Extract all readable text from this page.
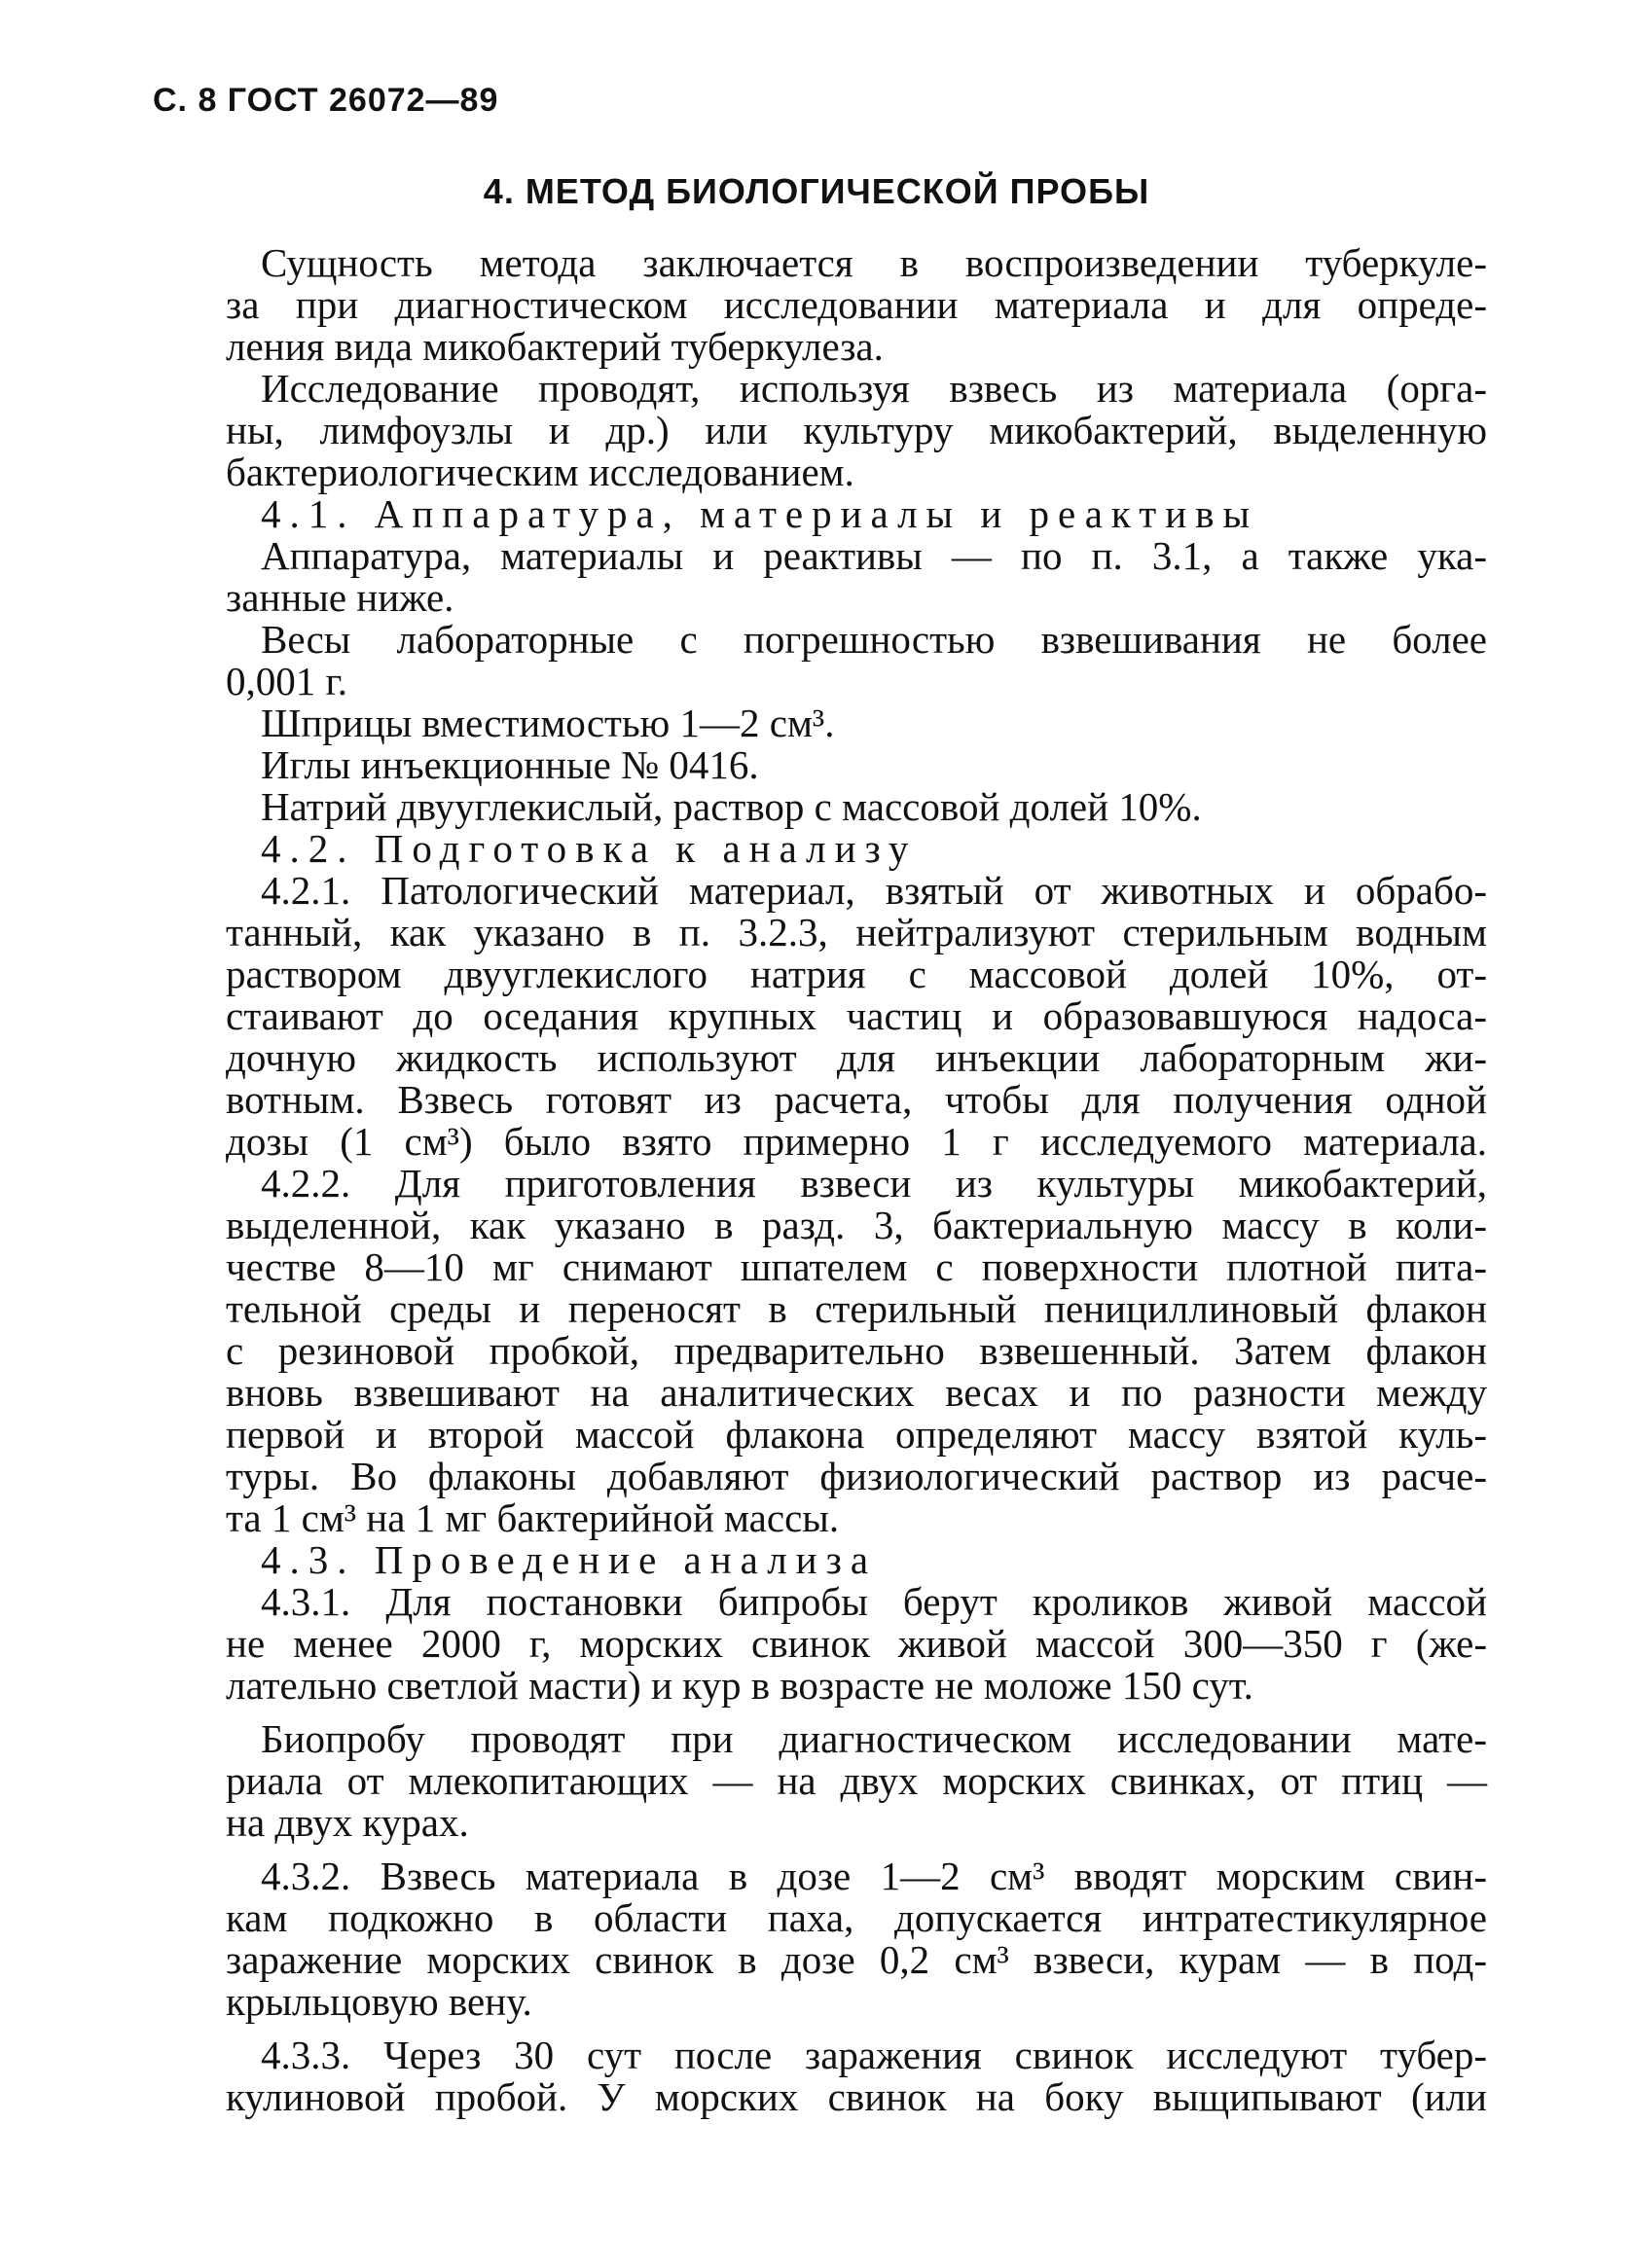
С. 8 ГОСТ 26072—89
4. МЕТОД БИОЛОГИЧЕСКОЙ ПРОБЫ
Сущность метода заключается в воспроизведении туберкуле-
за при диагностическом исследовании материала и для опреде-
ления вида микобактерий туберкулеза.
Исследование проводят, используя взвесь из материала (орга-
ны, лимфоузлы и др.) или культуру микобактерий, выделенную
бактериологическим исследованием.
4.1. Аппаратура, материалы и реактивы
Аппаратура, материалы и реактивы — по п. 3.1, а также ука-
занные ниже.
Весы лабораторные с погрешностью взвешивания не более
0,001 г.
Шприцы вместимостью 1—2 см³.
Иглы инъекционные № 0416.
Натрий двууглекислый, раствор с массовой долей 10%.
4.2. Подготовка к анализу
4.2.1. Патологический материал, взятый от животных и обрабо-
танный, как указано в п. 3.2.3, нейтрализуют стерильным водным
раствором двууглекислого натрия с массовой долей 10%, от-
стаивают до оседания крупных частиц и образовавшуюся надоса-
дочную жидкость используют для инъекции лабораторным жи-
вотным. Взвесь готовят из расчета, чтобы для получения одной
дозы (1 см³) было взято примерно 1 г исследуемого материала.
4.2.2. Для приготовления взвеси из культуры микобактерий,
выделенной, как указано в разд. 3, бактериальную массу в коли-
честве 8—10 мг снимают шпателем с поверхности плотной пита-
тельной среды и переносят в стерильный пенициллиновый флакон
с резиновой пробкой, предварительно взвешенный. Затем флакон
вновь взвешивают на аналитических весах и по разности между
первой и второй массой флакона определяют массу взятой куль-
туры. Во флаконы добавляют физиологический раствор из расче-
та 1 см³ на 1 мг бактерийной массы.
4.3. Проведение анализа
4.3.1. Для постановки бипробы берут кроликов живой массой
не менее 2000 г, морских свинок живой массой 300—350 г (же-
лательно светлой масти) и кур в возрасте не моложе 150 сут.
Биопробу проводят при диагностическом исследовании мате-
риала от млекопитающих — на двух морских свинках, от птиц —
на двух курах.
4.3.2. Взвесь материала в дозе 1—2 см³ вводят морским свин-
кам подкожно в области паха, допускается интратестикулярное
заражение морских свинок в дозе 0,2 см³ взвеси, курам — в под-
крыльцовую вену.
4.3.3. Через 30 сут после заражения свинок исследуют тубер-
кулиновой пробой. У морских свинок на боку выщипывают (или
